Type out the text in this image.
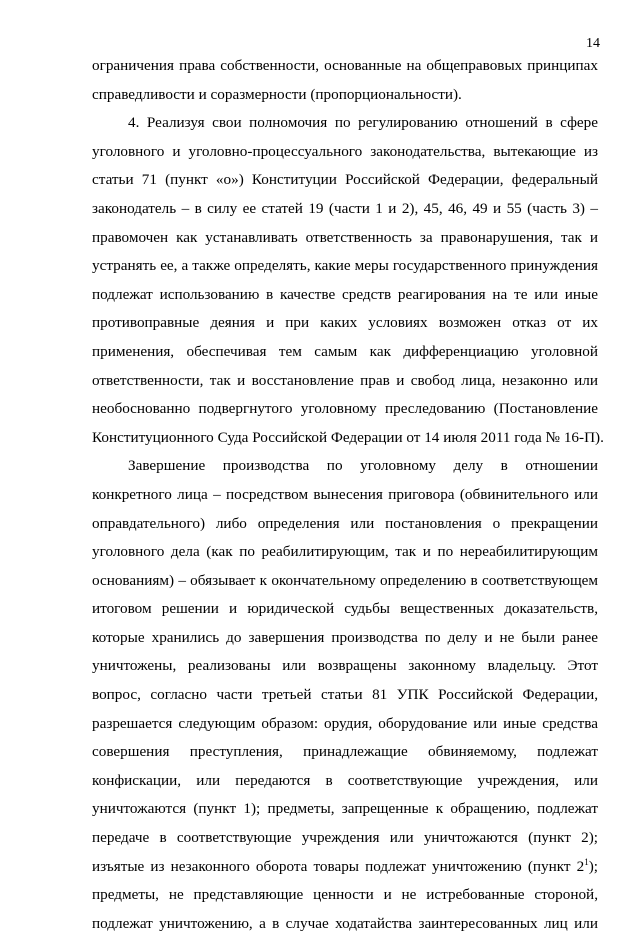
14
ограничения права собственности, основанные на общеправовых принципах
справедливости и соразмерности (пропорциональности).
4. Реализуя свои полномочия по регулированию отношений в сфере
уголовного и уголовно-процессуального законодательства, вытекающие из
статьи 71 (пункт «о») Конституции Российской Федерации, федеральный
законодатель – в силу ее статей 19 (части 1 и 2), 45, 46, 49 и 55 (часть 3) –
правомочен как устанавливать ответственность за правонарушения, так и
устранять ее, а также определять, какие меры государственного принуждения
подлежат использованию в качестве средств реагирования на те или иные
противоправные деяния и при каких условиях возможен отказ от их
применения, обеспечивая тем самым как дифференциацию уголовной
ответственности, так и восстановление прав и свобод лица, незаконно или
необоснованно подвергнутого уголовному преследованию (Постановление
Конституционного Суда Российской Федерации от 14 июля 2011 года № 16-П).
Завершение производства по уголовному делу в отношении
конкретного лица – посредством вынесения приговора (обвинительного или
оправдательного) либо определения или постановления о прекращении
уголовного дела (как по реабилитирующим, так и по нереабилитирующим
основаниям) – обязывает к окончательному определению в соответствующем
итоговом решении и юридической судьбы вещественных доказательств,
которые хранились до завершения производства по делу и не были ранее
уничтожены, реализованы или возвращены законному владельцу. Этот
вопрос, согласно части третьей статьи 81 УПК Российской Федерации,
разрешается следующим образом: орудия, оборудование или иные средства
совершения преступления, принадлежащие обвиняемому, подлежат
конфискации, или передаются в соответствующие учреждения, или
уничтожаются (пункт 1); предметы, запрещенные к обращению, подлежат
передаче в соответствующие учреждения или уничтожаются (пункт 2);
изъятые из незаконного оборота товары подлежат уничтожению (пункт $2^1$);
предметы, не представляющие ценности и не истребованные стороной,
подлежат уничтожению, а в случае ходатайства заинтересованных лиц или
